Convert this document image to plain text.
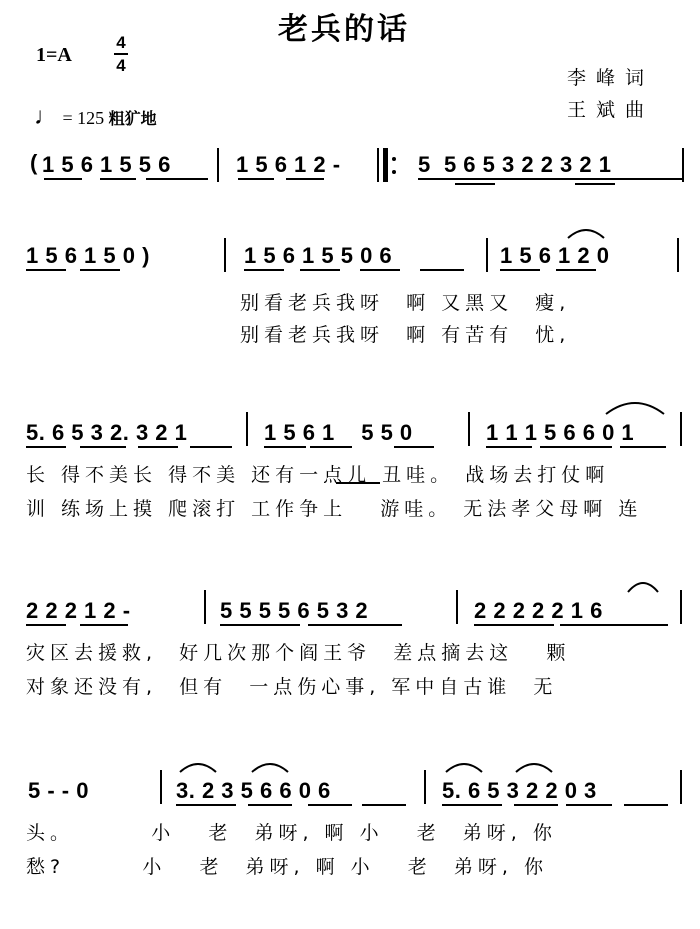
老兵的话
1=A
4
4
李峰词
王斌曲
♩ = 125 粗犷地
( 1 5 6 1 5 5 6	1 5 6 1 2 -	5  5 6 5 3 2 2 3 2 1
1 5 6 1 5 0 )	1 5 6 1 5 5 0 6	1 5 6 1 2 0
别看老兵我呀  啊 又黑又  瘦,
别看老兵我呀  啊 有苦有  忧,
5. 6 5 3 2. 3 2 1	1 5 6 1    5 5 0	1 1 1 5 6 6 0 1
长 得不美长 得不美 还有一点儿 丑哇。 战场去打仗啊
训 练场上摸 爬滚打 工作争上   游哇。 无法孝父母啊 连
2 2 2 1 2 -	5 5 5 5 6 5 3 2	2 2 2 2 2 1 6
灾区去援救,  好几次那个阎王爷  差点摘去这   颗
对象还没有,  但有  一点伤心事, 军中自古谁  无
5 - - 0	3. 2 3 5 6 6 0 6	5. 6 5 3 2 2 0 3
头。       小   老  弟呀, 啊 小   老  弟呀, 你
愁?       小   老  弟呀, 啊 小   老  弟呀, 你
